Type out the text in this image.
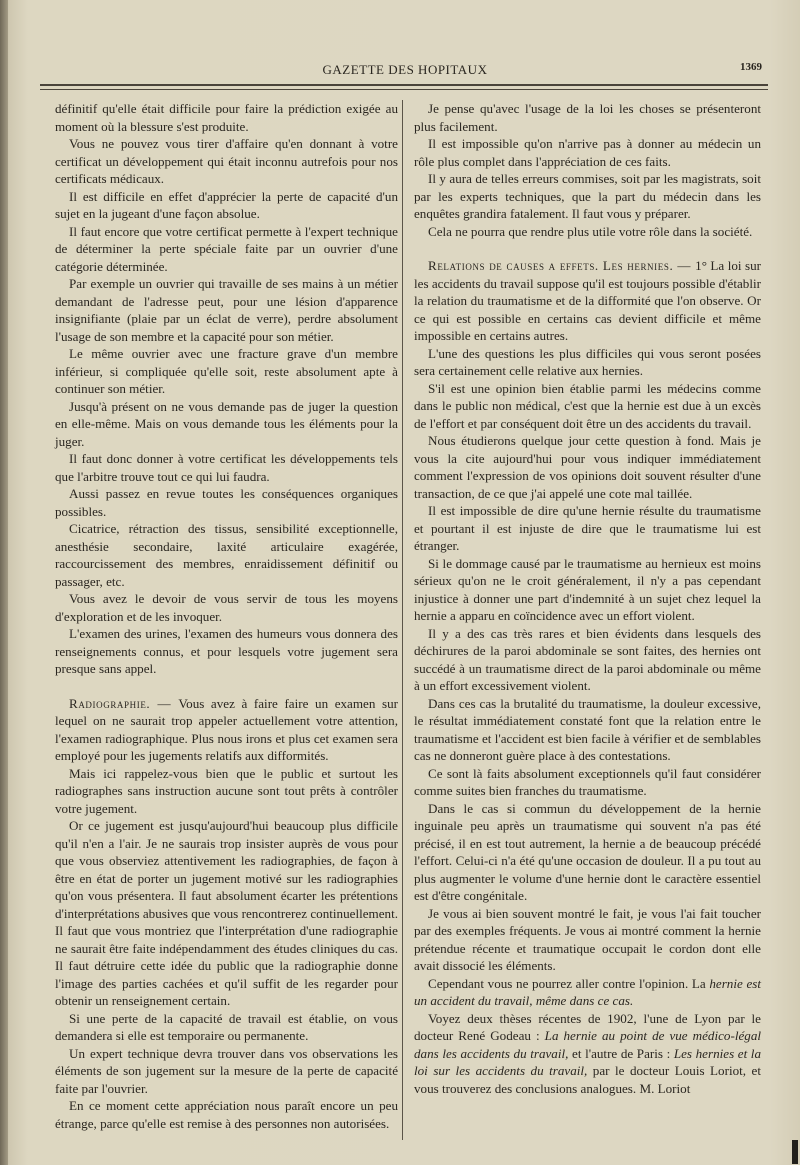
GAZETTE DES HOPITAUX	1369

définitif qu'elle était difficile pour faire la prédiction exigée au moment où la blessure s'est produite.

Vous ne pouvez vous tirer d'affaire qu'en donnant à votre certificat un développement qui était inconnu autrefois pour nos certificats médicaux.

Il est difficile en effet d'apprécier la perte de capacité d'un sujet en la jugeant d'une façon absolue.

Il faut encore que votre certificat permette à l'expert technique de déterminer la perte spéciale faite par un ouvrier d'une catégorie déterminée.

Par exemple un ouvrier qui travaille de ses mains à un métier demandant de l'adresse peut, pour une lésion d'apparence insignifiante (plaie par un éclat de verre), perdre absolument l'usage de son membre et la capacité pour son métier.

Le même ouvrier avec une fracture grave d'un membre inférieur, si compliquée qu'elle soit, reste absolument apte à continuer son métier.

Jusqu'à présent on ne vous demande pas de juger la question en elle-même. Mais on vous demande tous les éléments pour la juger.

Il faut donc donner à votre certificat les développements tels que l'arbitre trouve tout ce qui lui faudra.

Aussi passez en revue toutes les conséquences organiques possibles.

Cicatrice, rétraction des tissus, sensibilité exceptionnelle, anesthésie secondaire, laxité articulaire exagérée, raccourcissement des membres, enraidissement définitif ou passager, etc.

Vous avez le devoir de vous servir de tous les moyens d'exploration et de les invoquer.

L'examen des urines, l'examen des humeurs vous donnera des renseignements connus, et pour lesquels votre jugement sera presque sans appel.

Radiographie. — Vous avez à faire faire un examen sur lequel on ne saurait trop appeler actuellement votre attention, l'examen radiographique. Plus nous irons et plus cet examen sera employé pour les jugements relatifs aux difformités.

Mais ici rappelez-vous bien que le public et surtout les radiographes sans instruction aucune sont tout prêts à contrôler votre jugement.

Or ce jugement est jusqu'aujourd'hui beaucoup plus difficile qu'il n'en a l'air. Je ne saurais trop insister auprès de vous pour que vous observiez attentivement les radiographies, de façon à être en état de porter un jugement motivé sur les radiographies qu'on vous présentera. Il faut absolument écarter les prétentions d'interprétations abusives que vous rencontrerez continuellement. Il faut que vous montriez que l'interprétation d'une radiographie ne saurait être faite indépendamment des études cliniques du cas. Il faut détruire cette idée du public que la radiographie donne l'image des parties cachées et qu'il suffit de les regarder pour obtenir un renseignement certain.

Si une perte de la capacité de travail est établie, on vous demandera si elle est temporaire ou permanente.

Un expert technique devra trouver dans vos observations les éléments de son jugement sur la mesure de la perte de capacité faite par l'ouvrier.

En ce moment cette appréciation nous paraît encore un peu étrange, parce qu'elle est remise à des personnes non autorisées.

Je pense qu'avec l'usage de la loi les choses se présenteront plus facilement.

Il est impossible qu'on n'arrive pas à donner au médecin un rôle plus complet dans l'appréciation de ces faits.

Il y aura de telles erreurs commises, soit par les magistrats, soit par les experts techniques, que la part du médecin dans les enquêtes grandira fatalement. Il faut vous y préparer.

Cela ne pourra que rendre plus utile votre rôle dans la société.

Relations de causes a effets. Les hernies. — 1° La loi sur les accidents du travail suppose qu'il est toujours possible d'établir la relation du traumatisme et de la difformité que l'on observe. Or ce qui est possible en certains cas devient difficile et même impossible en certains autres.

L'une des questions les plus difficiles qui vous seront posées sera certainement celle relative aux hernies.

S'il est une opinion bien établie parmi les médecins comme dans le public non médical, c'est que la hernie est due à un excès de l'effort et par conséquent doit être un des accidents du travail.

Nous étudierons quelque jour cette question à fond. Mais je vous la cite aujourd'hui pour vous indiquer immédiatement comment l'expression de vos opinions doit souvent résulter d'une transaction, de ce que j'ai appelé une cote mal taillée.

Il est impossible de dire qu'une hernie résulte du traumatisme et pourtant il est injuste de dire que le traumatisme lui est étranger.

Si le dommage causé par le traumatisme au hernieux est moins sérieux qu'on ne le croit généralement, il n'y a pas cependant injustice à donner une part d'indemnité à un sujet chez lequel la hernie a apparu en coïncidence avec un effort violent.

Il y a des cas très rares et bien évidents dans lesquels des déchirures de la paroi abdominale se sont faites, des hernies ont succédé à un traumatisme direct de la paroi abdominale ou même à un effort excessivement violent.

Dans ces cas la brutalité du traumatisme, la douleur excessive, le résultat immédiatement constaté font que la relation entre le traumatisme et l'accident est bien facile à vérifier et de semblables cas ne donneront guère place à des contestations.

Ce sont là faits absolument exceptionnels qu'il faut considérer comme suites bien franches du traumatisme.

Dans le cas si commun du développement de la hernie inguinale peu après un traumatisme qui souvent n'a pas été précisé, il en est tout autrement, la hernie a de beaucoup précédé l'effort. Celui-ci n'a été qu'une occasion de douleur. Il a pu tout au plus augmenter le volume d'une hernie dont le caractère essentiel est d'être congénitale.

Je vous ai bien souvent montré le fait, je vous l'ai fait toucher par des exemples fréquents. Je vous ai montré comment la hernie prétendue récente et traumatique occupait le cordon dont elle avait dissocié les éléments.

Cependant vous ne pourrez aller contre l'opinion. La hernie est un accident du travail, même dans ce cas.

Voyez deux thèses récentes de 1902, l'une de Lyon par le docteur René Godeau : La hernie au point de vue médico-légal dans les accidents du travail, et l'autre de Paris : Les hernies et la loi sur les accidents du travail, par le docteur Louis Loriot, et vous trouverez des conclusions analogues. M. Loriot
